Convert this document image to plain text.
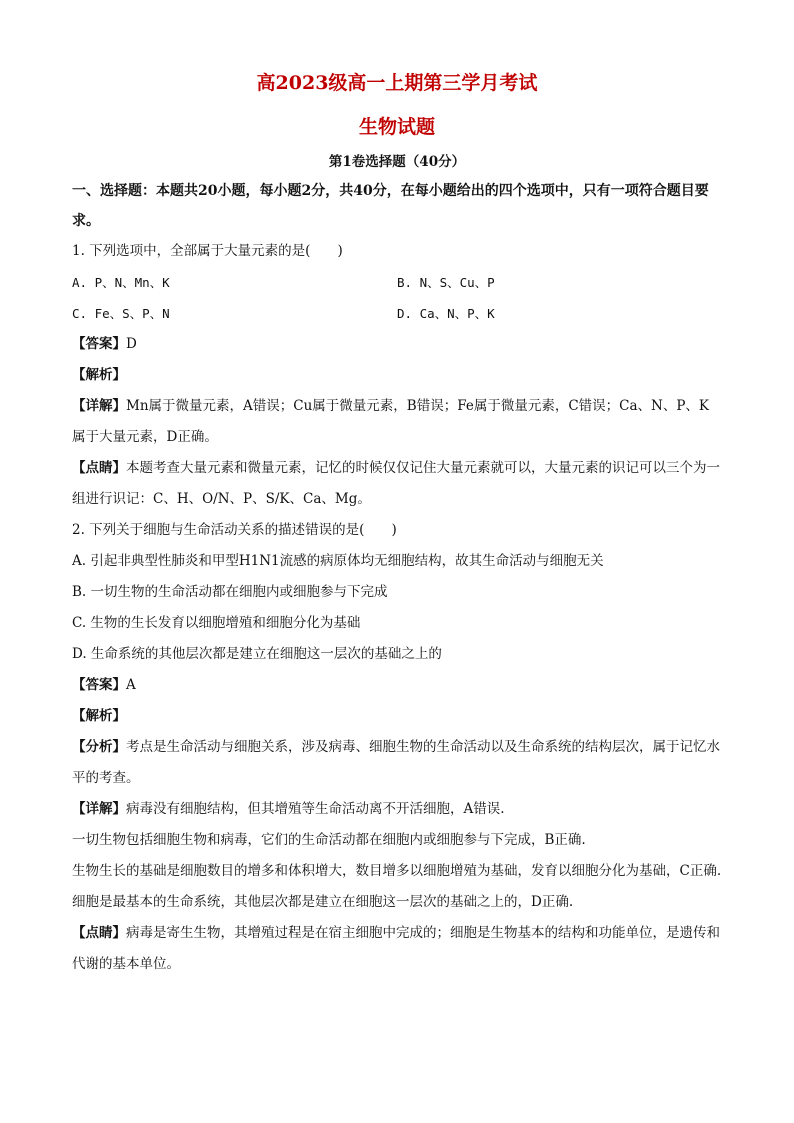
高2023级高一上期第三学月考试
生物试题
第1卷选择题（40分）
一、选择题：本题共20小题，每小题2分，共40分，在每小题给出的四个选项中，只有一项符合题目要求。
1. 下列选项中，全部属于大量元素的是(　　)
A. P、N、Mn、K	B. N、S、Cu、P
C. Fe、S、P、N	D. Ca、N、P、K
【答案】D
【解析】
【详解】Mn属于微量元素，A错误；Cu属于微量元素，B错误；Fe属于微量元素，C错误；Ca、N、P、K属于大量元素，D正确。
【点睛】本题考查大量元素和微量元素，记忆的时候仅仅记住大量元素就可以，大量元素的识记可以三个为一组进行识记：C、H、O/N、P、S/K、Ca、Mg。
2. 下列关于细胞与生命活动关系的描述错误的是(　　)
A. 引起非典型性肺炎和甲型H1N1流感的病原体均无细胞结构，故其生命活动与细胞无关
B. 一切生物的生命活动都在细胞内或细胞参与下完成
C. 生物的生长发育以细胞增殖和细胞分化为基础
D. 生命系统的其他层次都是建立在细胞这一层次的基础之上的
【答案】A
【解析】
【分析】考点是生命活动与细胞关系，涉及病毒、细胞生物的生命活动以及生命系统的结构层次，属于记忆水平的考查。
【详解】病毒没有细胞结构，但其增殖等生命活动离不开活细胞，A错误.
一切生物包括细胞生物和病毒，它们的生命活动都在细胞内或细胞参与下完成，B正确.
生物生长的基础是细胞数目的增多和体积增大，数目增多以细胞增殖为基础，发育以细胞分化为基础，C正确.
细胞是最基本的生命系统，其他层次都是建立在细胞这一层次的基础之上的，D正确.
【点睛】病毒是寄生生物，其增殖过程是在宿主细胞中完成的；细胞是生物基本的结构和功能单位，是遗传和代谢的基本单位。
